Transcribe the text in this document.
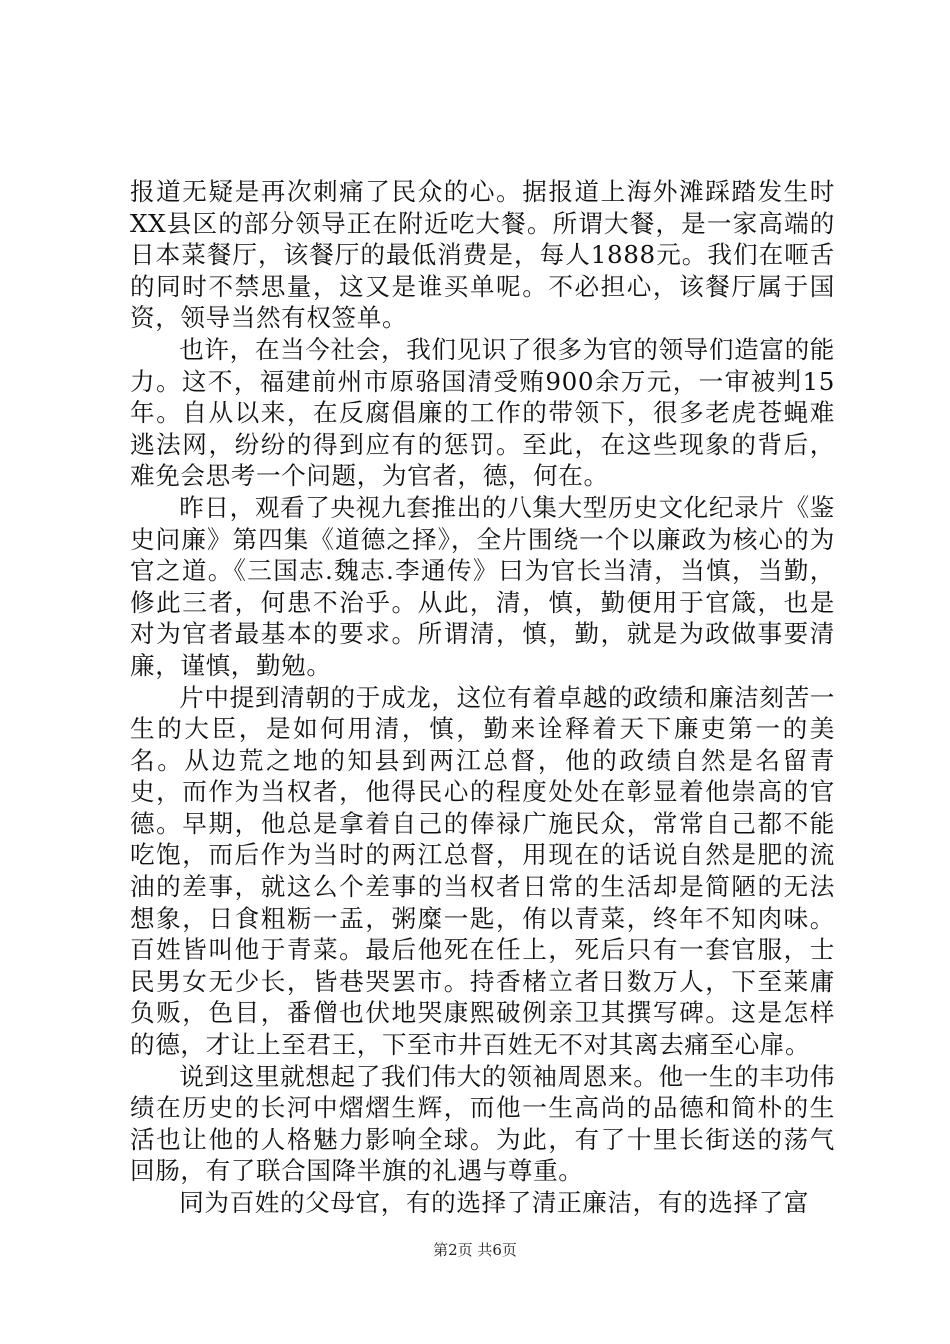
报道无疑是再次刺痛了民众的心。据报道上海外滩踩踏发生时XX县区的部分领导正在附近吃大餐。所谓大餐，是一家高端的日本菜餐厅，该餐厅的最低消费是，每人1888元。我们在咂舌的同时不禁思量，这又是谁买单呢。不必担心，该餐厅属于国资，领导当然有权签单。

也许，在当今社会，我们见识了很多为官的领导们造富的能力。这不，福建前州市原骆国清受贿900余万元，一审被判15年。自从以来，在反腐倡廉的工作的带领下，很多老虎苍蝇难逃法网，纷纷的得到应有的惩罚。至此，在这些现象的背后，难免会思考一个问题，为官者，德，何在。

昨日，观看了央视九套推出的八集大型历史文化纪录片《鉴史问廉》第四集《道德之择》，全片围绕一个以廉政为核心的为官之道。《三国志.魏志.李通传》曰为官长当清，当慎，当勤，修此三者，何患不治乎。从此，清，慎，勤便用于官箴，也是对为官者最基本的要求。所谓清，慎，勤，就是为政做事要清廉，谨慎，勤勉。

片中提到清朝的于成龙，这位有着卓越的政绩和廉洁刻苦一生的大臣，是如何用清，慎，勤来诠释着天下廉吏第一的美名。从边荒之地的知县到两江总督，他的政绩自然是名留青史，而作为当权者，他得民心的程度处处在彰显着他崇高的官德。早期，他总是拿着自己的俸禄广施民众，常常自己都不能吃饱，而后作为当时的两江总督，用现在的话说自然是肥的流油的差事，就这么个差事的当权者日常的生活却是简陋的无法想象，日食粗粝一盂，粥糜一匙，侑以青菜，终年不知肉味。百姓皆叫他于青菜。最后他死在任上，死后只有一套官服，士民男女无少长，皆巷哭罢市。持香楮立者日数万人，下至莱庸负贩，色目，番僧也伏地哭康熙破例亲卫其撰写碑。这是怎样的德，才让上至君王，下至市井百姓无不对其离去痛至心扉。

说到这里就想起了我们伟大的领袖周恩来。他一生的丰功伟绩在历史的长河中熠熠生辉，而他一生高尚的品德和简朴的生活也让他的人格魅力影响全球。为此，有了十里长街送的荡气回肠，有了联合国降半旗的礼遇与尊重。

同为百姓的父母官，有的选择了清正廉洁，有的选择了富

第2页 共6页
